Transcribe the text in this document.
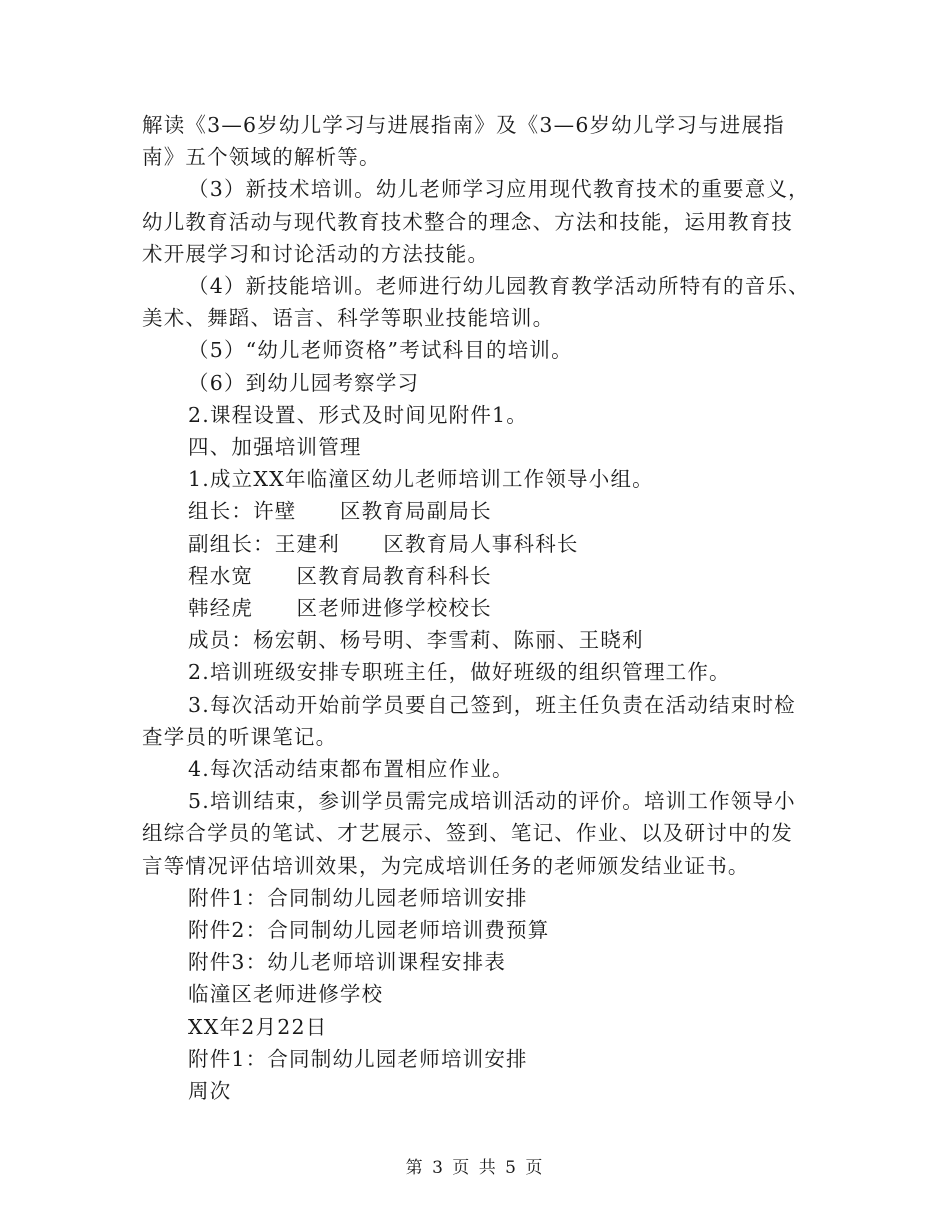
解读《3—6岁幼儿学习与进展指南》及《3—6岁幼儿学习与进展指南》五个领域的解析等。

（3）新技术培训。幼儿老师学习应用现代教育技术的重要意义，幼儿教育活动与现代教育技术整合的理念、方法和技能，运用教育技术开展学习和讨论活动的方法技能。

（4）新技能培训。老师进行幼儿园教育教学活动所特有的音乐、美术、舞蹈、语言、科学等职业技能培训。

（5）“幼儿老师资格”考试科目的培训。

（6）到幼儿园考察学习

2.课程设置、形式及时间见附件1。

四、加强培训管理

1.成立XX年临潼区幼儿老师培训工作领导小组。

组长：许壁　　区教育局副局长

副组长：王建利　　区教育局人事科科长

程水宽　　区教育局教育科科长

韩经虎　　区老师进修学校校长

成员：杨宏朝、杨号明、李雪莉、陈丽、王晓利

2.培训班级安排专职班主任，做好班级的组织管理工作。

3.每次活动开始前学员要自己签到，班主任负责在活动结束时检查学员的听课笔记。

4.每次活动结束都布置相应作业。

5.培训结束，参训学员需完成培训活动的评价。培训工作领导小组综合学员的笔试、才艺展示、签到、笔记、作业、以及研讨中的发言等情况评估培训效果，为完成培训任务的老师颁发结业证书。

附件1：合同制幼儿园老师培训安排

附件2：合同制幼儿园老师培训费预算

附件3：幼儿老师培训课程安排表

临潼区老师进修学校

XX年2月22日

附件1：合同制幼儿园老师培训安排

周次

第 3 页 共 5 页
